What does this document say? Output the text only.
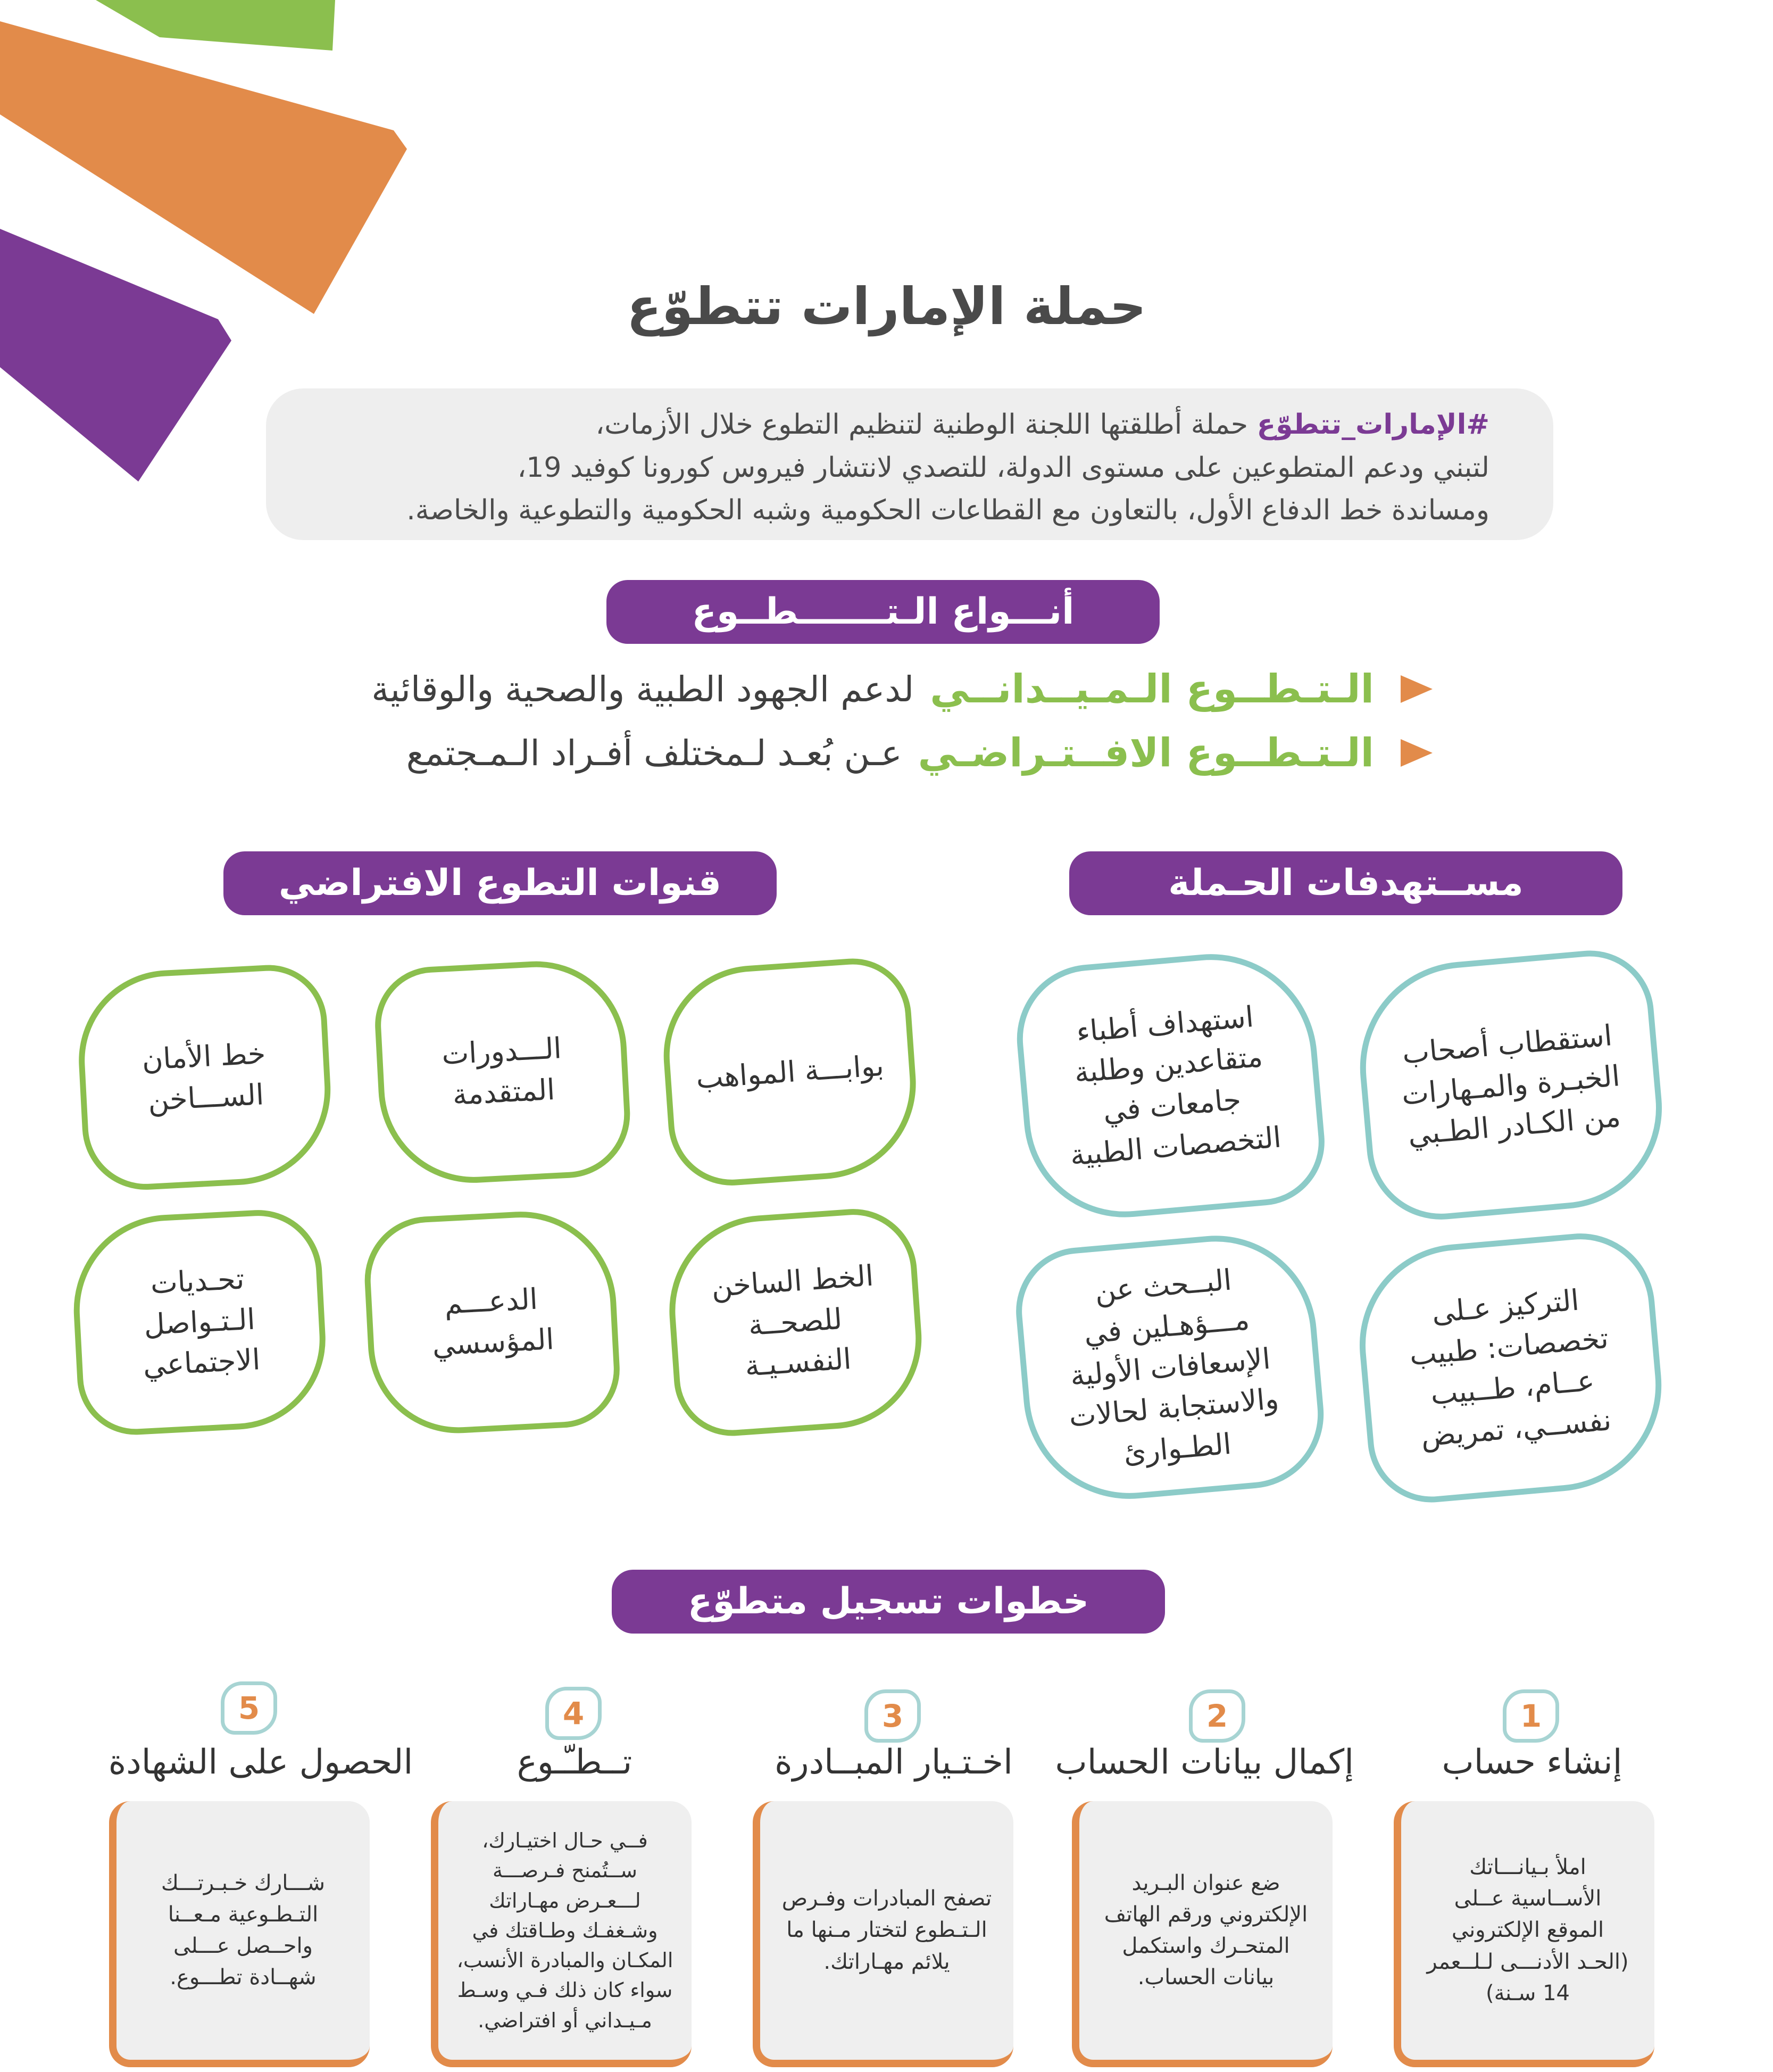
حملة الإمارات تتطوّع
#الإمارات_تتطوّع حملة أطلقتها اللجنة الوطنية لتنظيم التطوع خلال الأزمات،
لتبني ودعم المتطوعين على مستوى الدولة، للتصدي لانتشار فيروس كورونا كوفيد 19،
ومساندة خط الدفاع الأول، بالتعاون مع القطاعات الحكومية وشبه الحكومية والتطوعية والخاصة.
أنـــواع الـتـــــــطــوع
الـتـطــوع الـمـيــدانــي
لدعم الجهود الطبية والصحية والوقائية
الـتـطــوع الافــتـراضـي
عـن بُعـد لـمختلف أفـراد الـمـجتمع
قنوات التطوع الافتراضي	مســتهدفات الحـملة
بوابـــة المواهب
الـــدورات المتقدمة
خط الأمان الســـاخن
الخط الساخن للصحــة النفسـيـة
الدعـــم المؤسسي
تحـديات الـتـواصل الاجتماعي
استقطاب أصحاب الخبـرة والمـهارات من الكـادر الطـبي
استهداف أطباء متقاعدين وطلبة جامعات في التخصصات الطبية
التركيز عـلى تخصصات: طبيب عــام، طــبيب نفســي، تمريض
البــحث عن مـــؤهـلين في الإسعافات الأولية والاستجابة لحالات الطـوارئ
خطوات تسجيل متطوّع
1
2
3
4
5
إنشاء حساب
إكمال بيانات الحساب
اخـتـيار المبــادرة
تــطـّـوع
الحصول على الشهادة
املأ بـيانـــاتك الأســاسية عــلى الموقع الإلكتروني (الحـد الأدنـــى لـلــعمر 14 سـنة)
ضع عنوان البـريد الإلكتروني ورقم الهاتف المتحـرك واستكمل بيانات الحساب.
تصفح المبادرات وفـرص الـتـطوع لتختار مـنها ما يلائم مهـاراتك.
فــي حـال اختيـارك، ســتُمنح فـرصـــة لـــعـرض مهـاراتك وشـغفـك وطـاقتك في المكـان والمبادرة الأنسب، سواء كان ذلك فـي وسـط مـيـداني أو افتراضي.
شـــارك خـبـرتـــك التـطـوعية مـعــنا واحــصل عـــلى شهــادة تطـــوع.
